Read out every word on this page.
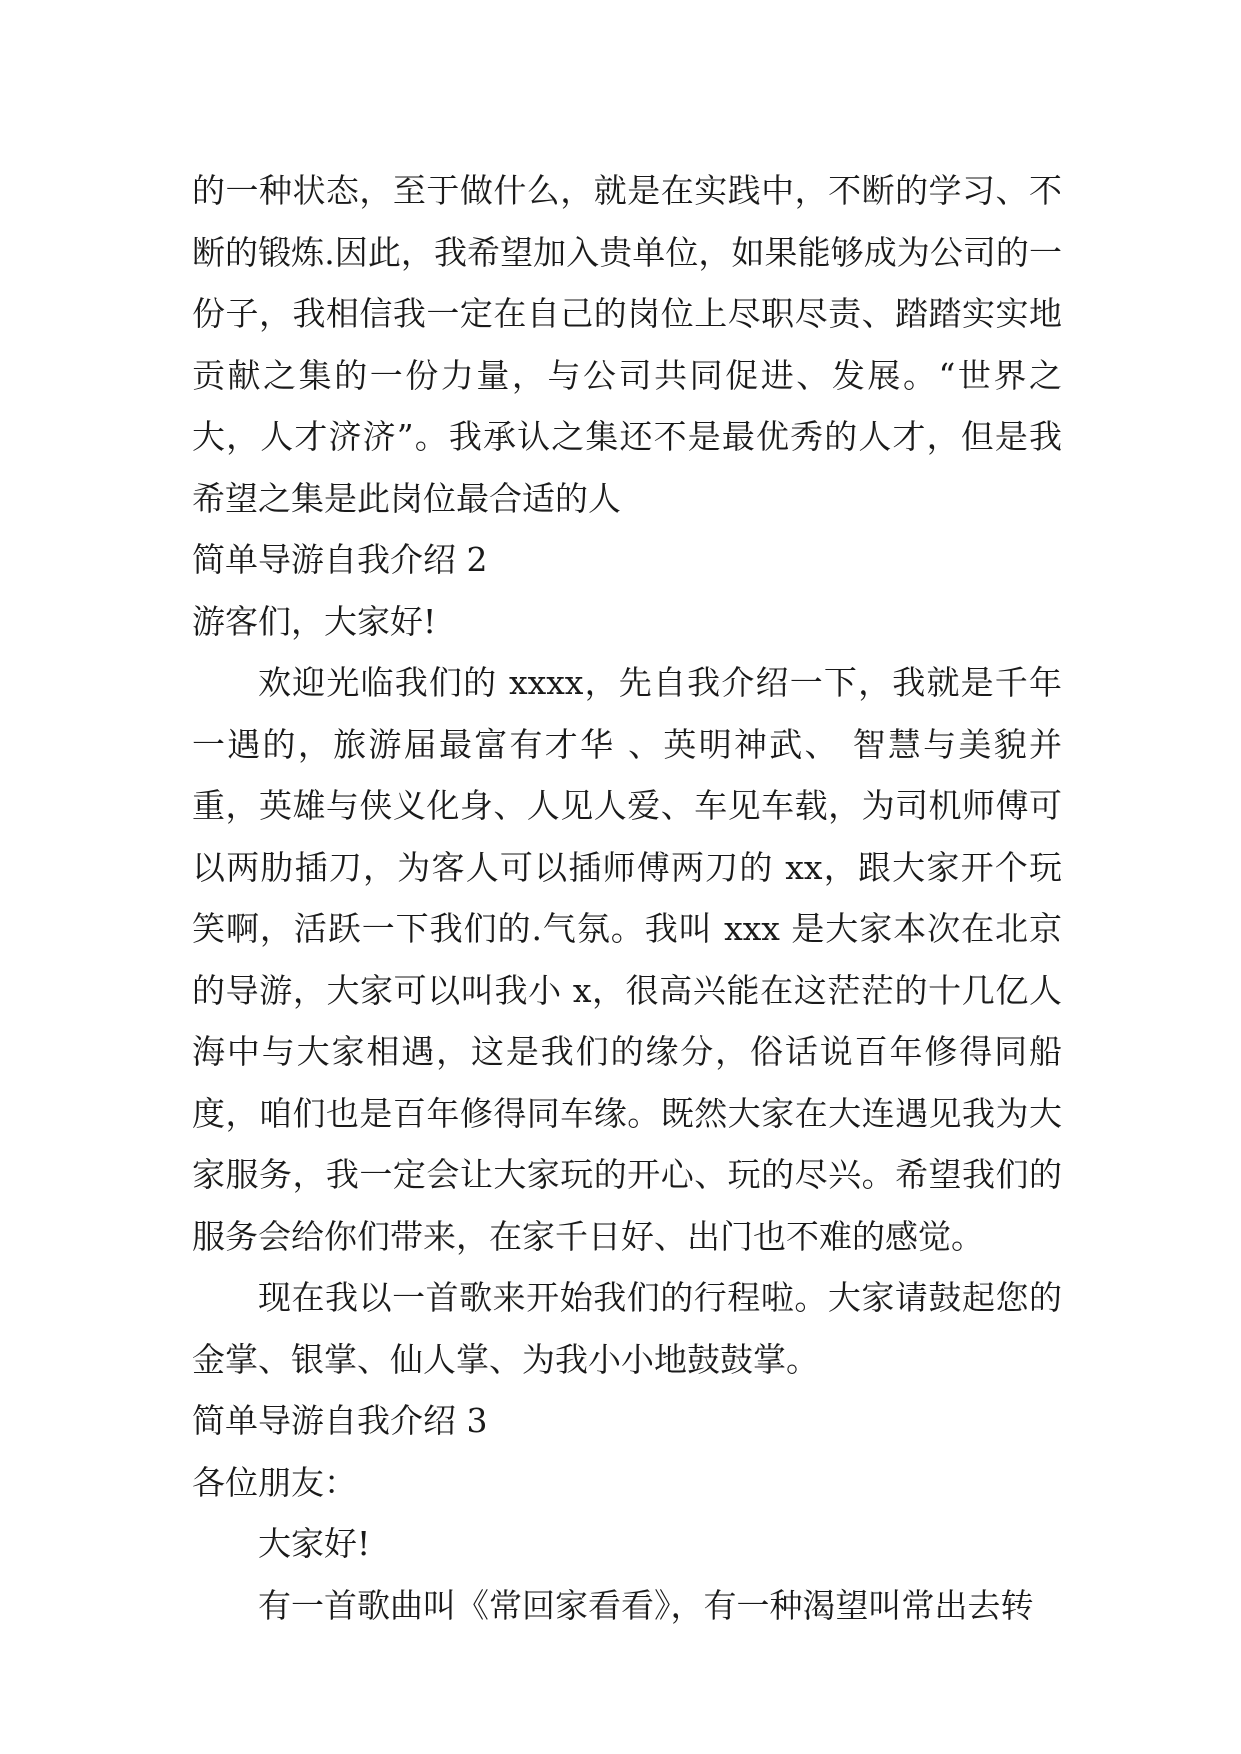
的一种状态，至于做什么，就是在实践中，不断的学习、不断的锻炼.因此，我希望加入贵单位，如果能够成为公司的一份子，我相信我一定在自己的岗位上尽职尽责、踏踏实实地贡献之集的一份力量，与公司共同促进、发展。“世界之大，人才济济”。我承认之集还不是最优秀的人才，但是我希望之集是此岗位最合适的人

简单导游自我介绍 2

游客们，大家好!

欢迎光临我们的 xxxx，先自我介绍一下，我就是千年一遇的，旅游届最富有才华 、英明神武、 智慧与美貌并重，英雄与侠义化身、人见人爱、车见车载，为司机师傅可以两肋插刀，为客人可以插师傅两刀的 xx，跟大家开个玩笑啊，活跃一下我们的.气氛。我叫 xxx 是大家本次在北京的导游，大家可以叫我小 x，很高兴能在这茫茫的十几亿人海中与大家相遇，这是我们的缘分，俗话说百年修得同船度，咱们也是百年修得同车缘。既然大家在大连遇见我为大家服务，我一定会让大家玩的开心、玩的尽兴。希望我们的服务会给你们带来，在家千日好、出门也不难的感觉。

现在我以一首歌来开始我们的行程啦。大家请鼓起您的金掌、银掌、仙人掌、为我小小地鼓鼓掌。

简单导游自我介绍 3

各位朋友：

大家好!

有一首歌曲叫《常回家看看》，有一种渴望叫常出去转
